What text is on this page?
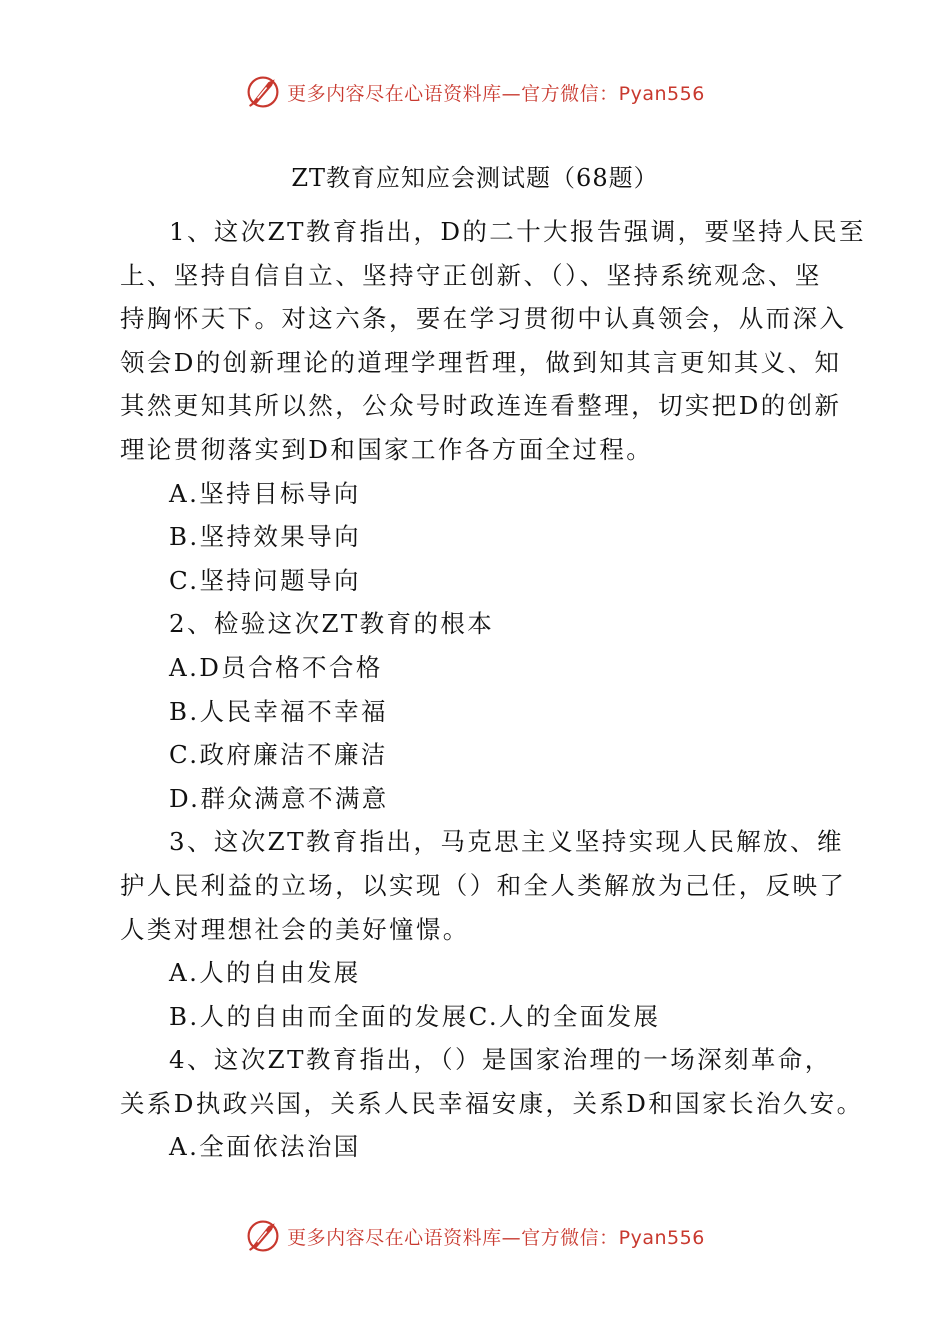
更多内容尽在心语资料库—官方微信：Pyan556
ZT教育应知应会测试题（68题）
1、这次ZT教育指出，D的二十大报告强调，要坚持人民至
上、坚持自信自立、坚持守正创新、（）、坚持系统观念、坚
持胸怀天下。对这六条，要在学习贯彻中认真领会，从而深入
领会D的创新理论的道理学理哲理，做到知其言更知其义、知
其然更知其所以然，公众号时政连连看整理，切实把D的创新
理论贯彻落实到D和国家工作各方面全过程。
A.坚持目标导向
B.坚持效果导向
C.坚持问题导向
2、检验这次ZT教育的根本
A.D员合格不合格
B.人民幸福不幸福
C.政府廉洁不廉洁
D.群众满意不满意
3、这次ZT教育指出，马克思主义坚持实现人民解放、维
护人民利益的立场，以实现（）和全人类解放为己任，反映了
人类对理想社会的美好憧憬。
A.人的自由发展
B.人的自由而全面的发展C.人的全面发展
4、这次ZT教育指出，（）是国家治理的一场深刻革命，
关系D执政兴国，关系人民幸福安康，关系D和国家长治久安。
A.全面依法治国
更多内容尽在心语资料库—官方微信：Pyan556
